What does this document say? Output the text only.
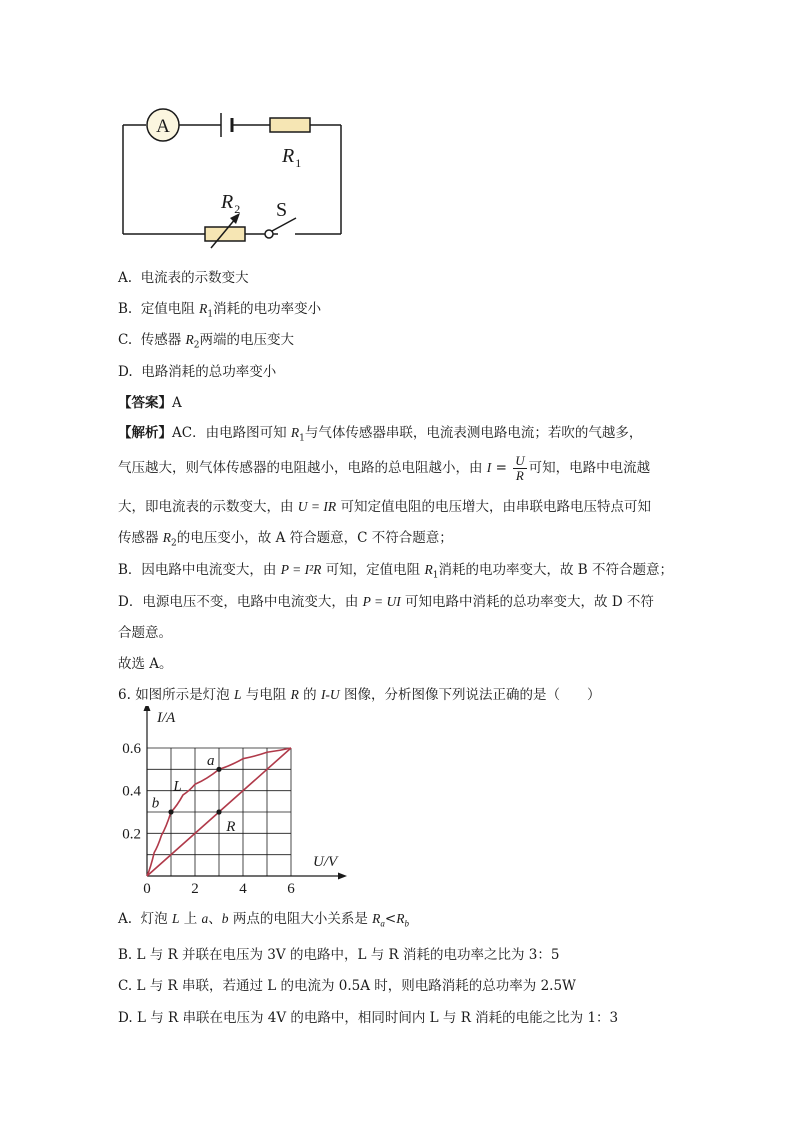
A
$R_1$
$R_2$ S
A. 电流表的示数变大
B. 定值电阻 $R_1$消耗的电功率变小
C. 传感器 $R_2$两端的电压变大
D. 电路消耗的总功率变小
【答案】A
【解析】AC．由电路图可知 $R_1$与气体传感器串联，电流表测电路电流；若吹的气越多，
气压越大，则气体传感器的电阻越小，电路的总电阻越小，由 $I = \frac{U}{R}$ 可知，电路中电流越
大，即电流表的示数变大，由 U = IR 可知定值电阻的电压增大，由串联电路电压特点可知
传感器 $R_2$的电压变小，故 A 符合题意，C 不符合题意；
B．因电路中电流变大，由 P = I²R 可知，定值电阻 $R_1$消耗的电功率变大，故 B 不符合题意；
D．电源电压不变，电路中电流变大，由 P = UI 可知电路中消耗的总功率变大，故 D 不符
合题意。
故选 A。
6. 如图所示是灯泡 L 与电阻 R 的 I-U 图像，分析图像下列说法正确的是（　　）
I/A
U/V
0	2	4	6
0.2
0.4
0.6
a
b
L
R
A. 灯泡 L 上 a、b 两点的电阻大小关系是 $R_a<R_b$
B. L 与 R 并联在电压为 3V 的电路中，L 与 R 消耗的电功率之比为 3：5
C. L 与 R 串联，若通过 L 的电流为 0.5A 时，则电路消耗的总功率为 2.5W
D. L 与 R 串联在电压为 4V 的电路中，相同时间内 L 与 R 消耗的电能之比为 1：3
